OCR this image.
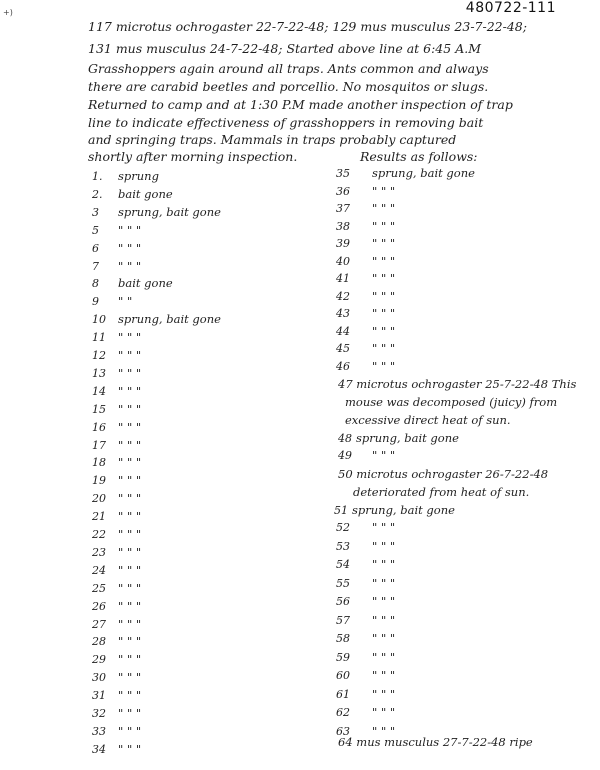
+)	480722-111
117 microtus ochrogaster 22-7-22-48; 129 mus musculus 23-7-22-48;
131 mus musculus 24-7-22-48; Started above line at 6:45 A.M
Grasshoppers again around all traps. Ants common and always
there are carabid beetles and porcellio. No mosquitos or slugs.
Returned to camp and at 1:30 P.M made another inspection of trap
line to indicate effectiveness of grasshoppers in removing bait
and springing traps. Mammals in traps probably captured
shortly after morning inspection.	Results as follows:
1. sprung
2. bait gone
3 sprung, bait gone
5 " " "
6 " " "
7 " " "
8 bait gone
9 " "
10 sprung, bait gone
11 " " "
12 " " "
13 " " "
14 " " "
15 " " "
16 " " "
17 " " "
18 " " "
19 " " "
20 " " "
21 " " "
22 " " "
23 " " "
24 " " "
25 " " "
26 " " "
27 " " "
28 " " "
29 " " "
30 " " "
31 " " "
32 " " "
33 " " "
34 " " "
35 sprung, bait gone
36 " " "
37 " " "
38 " " "
39 " " "
40 " " "
41 " " "
42 " " "
43 " " "
44 " " "
45 " " "
46 " " "
47 microtus ochrogaster 25-7-22-48 This
mouse was decomposed (juicy) from
excessive direct heat of sun.
48 sprung, bait gone
49 " " "
50 microtus ochrogaster 26-7-22-48
deteriorated from heat of sun.
51 sprung, bait gone
52 " " "
53 " " "
54 " " "
55 " " "
56 " " "
57 " " "
58 " " "
59 " " "
60 " " "
61 " " "
62 " " "
63 " " "
64 mus musculus 27-7-22-48 ripe
